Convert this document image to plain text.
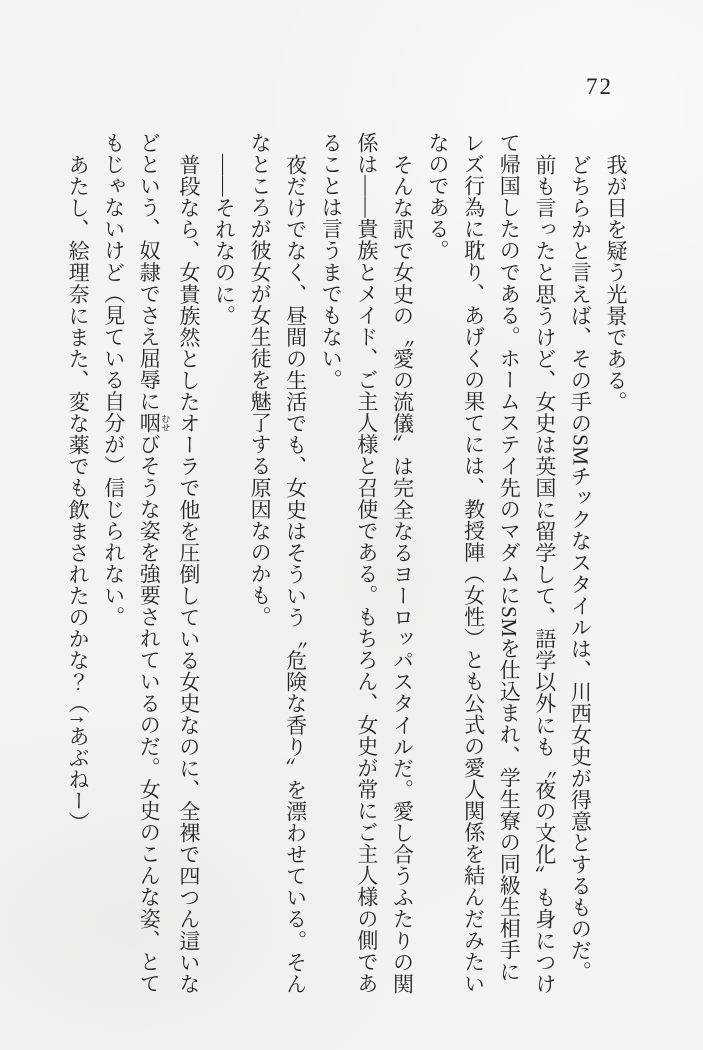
72

我が目を疑う光景である。

どちらかと言えば、その手のSMチックなスタイルは、川西女史が得意とするものだ。

前も言ったと思うけど、女史は英国に留学して、語学以外にも〝夜の文化〟も身につけ

て帰国したのである。ホームステイ先のマダムにSMを仕込まれ、学生寮の同級生相手に

レズ行為に耽り、あげくの果てには、教授陣（女性）とも公式の愛人関係を結んだみたい

なのである。

そんな訳で女史の〝愛の流儀〟は完全なるヨーロッパスタイルだ。愛し合うふたりの関

係は――貴族とメイド、ご主人様と召使である。もちろん、女史が常にご主人様の側であ

ることは言うまでもない。

夜だけでなく、昼間の生活でも、女史はそういう〝危険な香り〟を漂わせている。そん

なところが彼女が女生徒を魅了する原因なのかも。

――それなのに。

普段なら、女貴族然としたオーラで他を圧倒している女史なのに、全裸で四つん這いな

どという、奴隷でさえ屈辱に咽 むせびそうな姿を強要されているのだ。女史のこんな姿、とて

もじゃないけど（見ている自分が）信じられない。

あたし、絵理奈にまた、変な薬でも飲まされたのかな？（↑あぶねー）
